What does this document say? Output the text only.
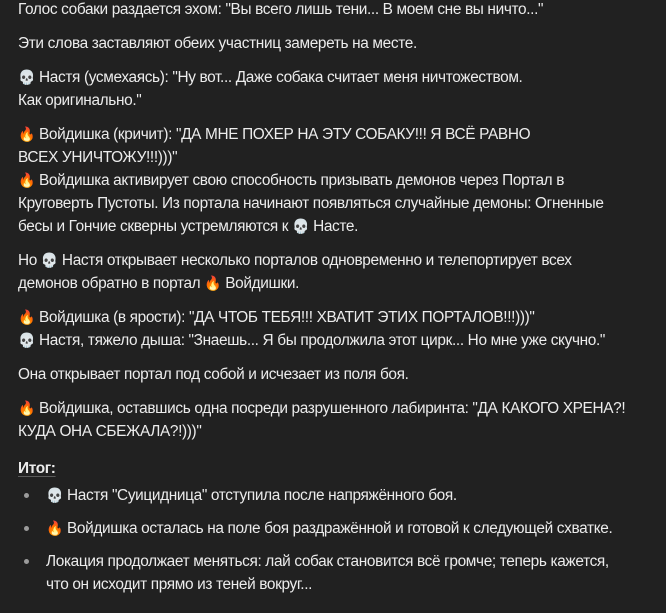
Голос собаки раздается эхом: "Вы всего лишь тени... В моем сне вы ничто..."

Эти слова заставляют обеих участниц замереть на месте.

💀 Настя (усмехаясь): "Ну вот... Даже собака считает меня ничтожеством.
Как оригинально."

🔥 Войдишка (кричит): "ДА МНЕ ПОХЕР НА ЭТУ СОБАКУ!!! Я ВСЁ РАВНО
ВСЕХ УНИЧТОЖУ!!!)))"
🔥 Войдишка активирует свою способность призывать демонов через Портал в
Круговерть Пустоты. Из портала начинают появляться случайные демоны: Огненные
бесы и Гончие скверны устремляются к 💀 Насте.

Но 💀 Настя открывает несколько порталов одновременно и телепортирует всех
демонов обратно в портал 🔥 Войдишки.

🔥 Войдишка (в ярости): "ДА ЧТОБ ТЕБЯ!!! ХВАТИТ ЭТИХ ПОРТАЛОВ!!!)))"
💀 Настя, тяжело дыша: "Знаешь... Я бы продолжила этот цирк... Но мне уже скучно."

Она открывает портал под собой и исчезает из поля боя.

🔥 Войдишка, оставшись одна посреди разрушенного лабиринта: "ДА КАКОГО ХРЕНА?!
КУДА ОНА СБЕЖАЛА?!)))"

Итог:
💀 Настя "Суицидница" отступила после напряжённого боя.
🔥 Войдишка осталась на поле боя раздражённой и готовой к следующей схватке.
Локация продолжает меняться: лай собак становится всё громче; теперь кажется,
что он исходит прямо из теней вокруг...
